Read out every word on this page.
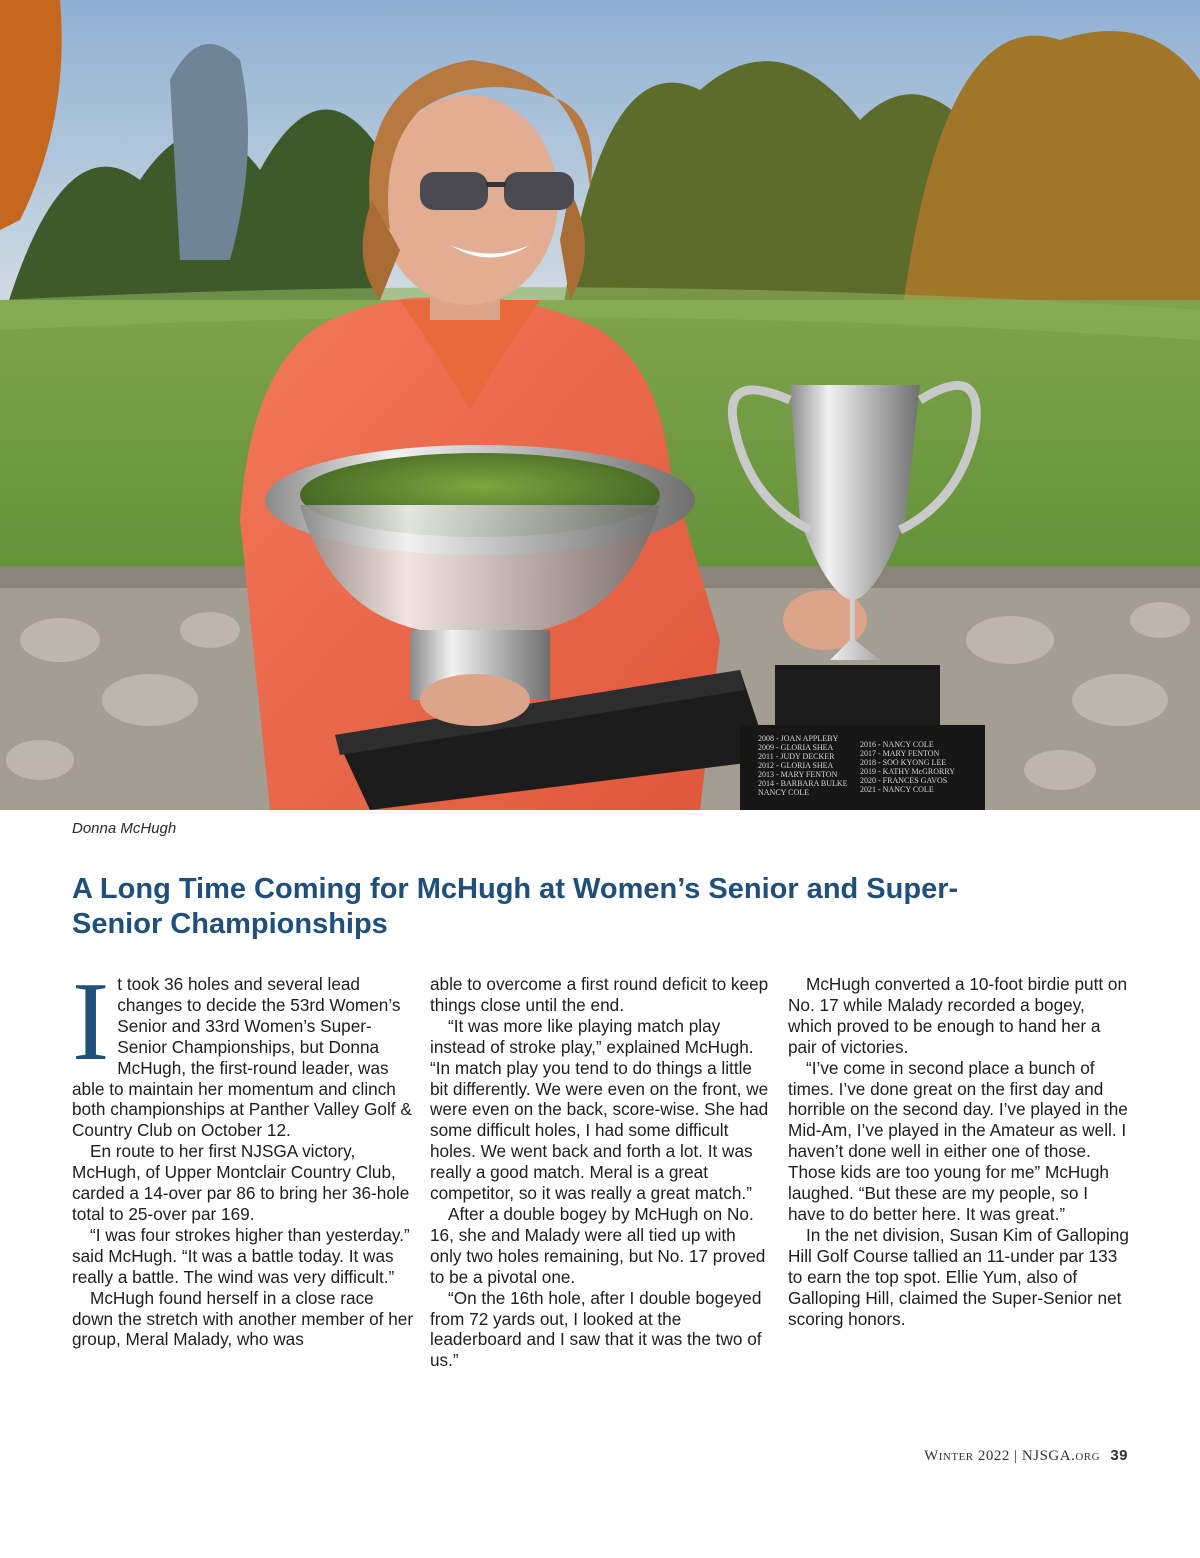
2008 - JOAN APPLEBY
2009 - GLORIA SHEA
2011 - JUDY DECKER
2012 - GLORIA SHEA
2013 - MARY FENTON
2014 - BARBARA BULKE
NANCY COLE
2016 - NANCY COLE
2017 - MARY FENTON
2018 - SOO KYONG LEE
2019 - KATHY McGRORRY
2020 - FRANCES GAVOS
2021 - NANCY COLE
Donna McHugh
A Long Time Coming for McHugh at Women’s Senior and Super-Senior Championships
I t took 36 holes and several lead changes to decide the 53rd Women’s Senior and 33rd Women’s Super-Senior Championships, but Donna McHugh, the first-round leader, was able to maintain her momentum and clinch both championships at Panther Valley Golf & Country Club on October 12.

En route to her first NJSGA victory, McHugh, of Upper Montclair Country Club, carded a 14-over par 86 to bring her 36-hole total to 25-over par 169.

“I was four strokes higher than yesterday.” said McHugh. “It was a battle today. It was really a battle. The wind was very difficult.”

McHugh found herself in a close race down the stretch with another member of her group, Meral Malady, who was

able to overcome a first round deficit to keep things close until the end.

“It was more like playing match play instead of stroke play,” explained McHugh. “In match play you tend to do things a little bit differently. We were even on the front, we were even on the back, score-wise. She had some difficult holes, I had some difficult holes. We went back and forth a lot. It was really a good match. Meral is a great competitor, so it was really a great match.”

After a double bogey by McHugh on No. 16, she and Malady were all tied up with only two holes remaining, but No. 17 proved to be a pivotal one.

“On the 16th hole, after I double bogeyed from 72 yards out, I looked at the leaderboard and I saw that it was the two of us.”

McHugh converted a 10-foot birdie putt on No. 17 while Malady recorded a bogey, which proved to be enough to hand her a pair of victories.

“I’ve come in second place a bunch of times. I’ve done great on the first day and horrible on the second day. I’ve played in the Mid-Am, I’ve played in the Amateur as well. I haven’t done well in either one of those. Those kids are too young for me” McHugh laughed. “But these are my people, so I have to do better here. It was great.”

In the net division, Susan Kim of Galloping Hill Golf Course tallied an 11-under par 133 to earn the top spot. Ellie Yum, also of Galloping Hill, claimed the Super-Senior net scoring honors.

Winter 2022 | NJSGA.org 39
